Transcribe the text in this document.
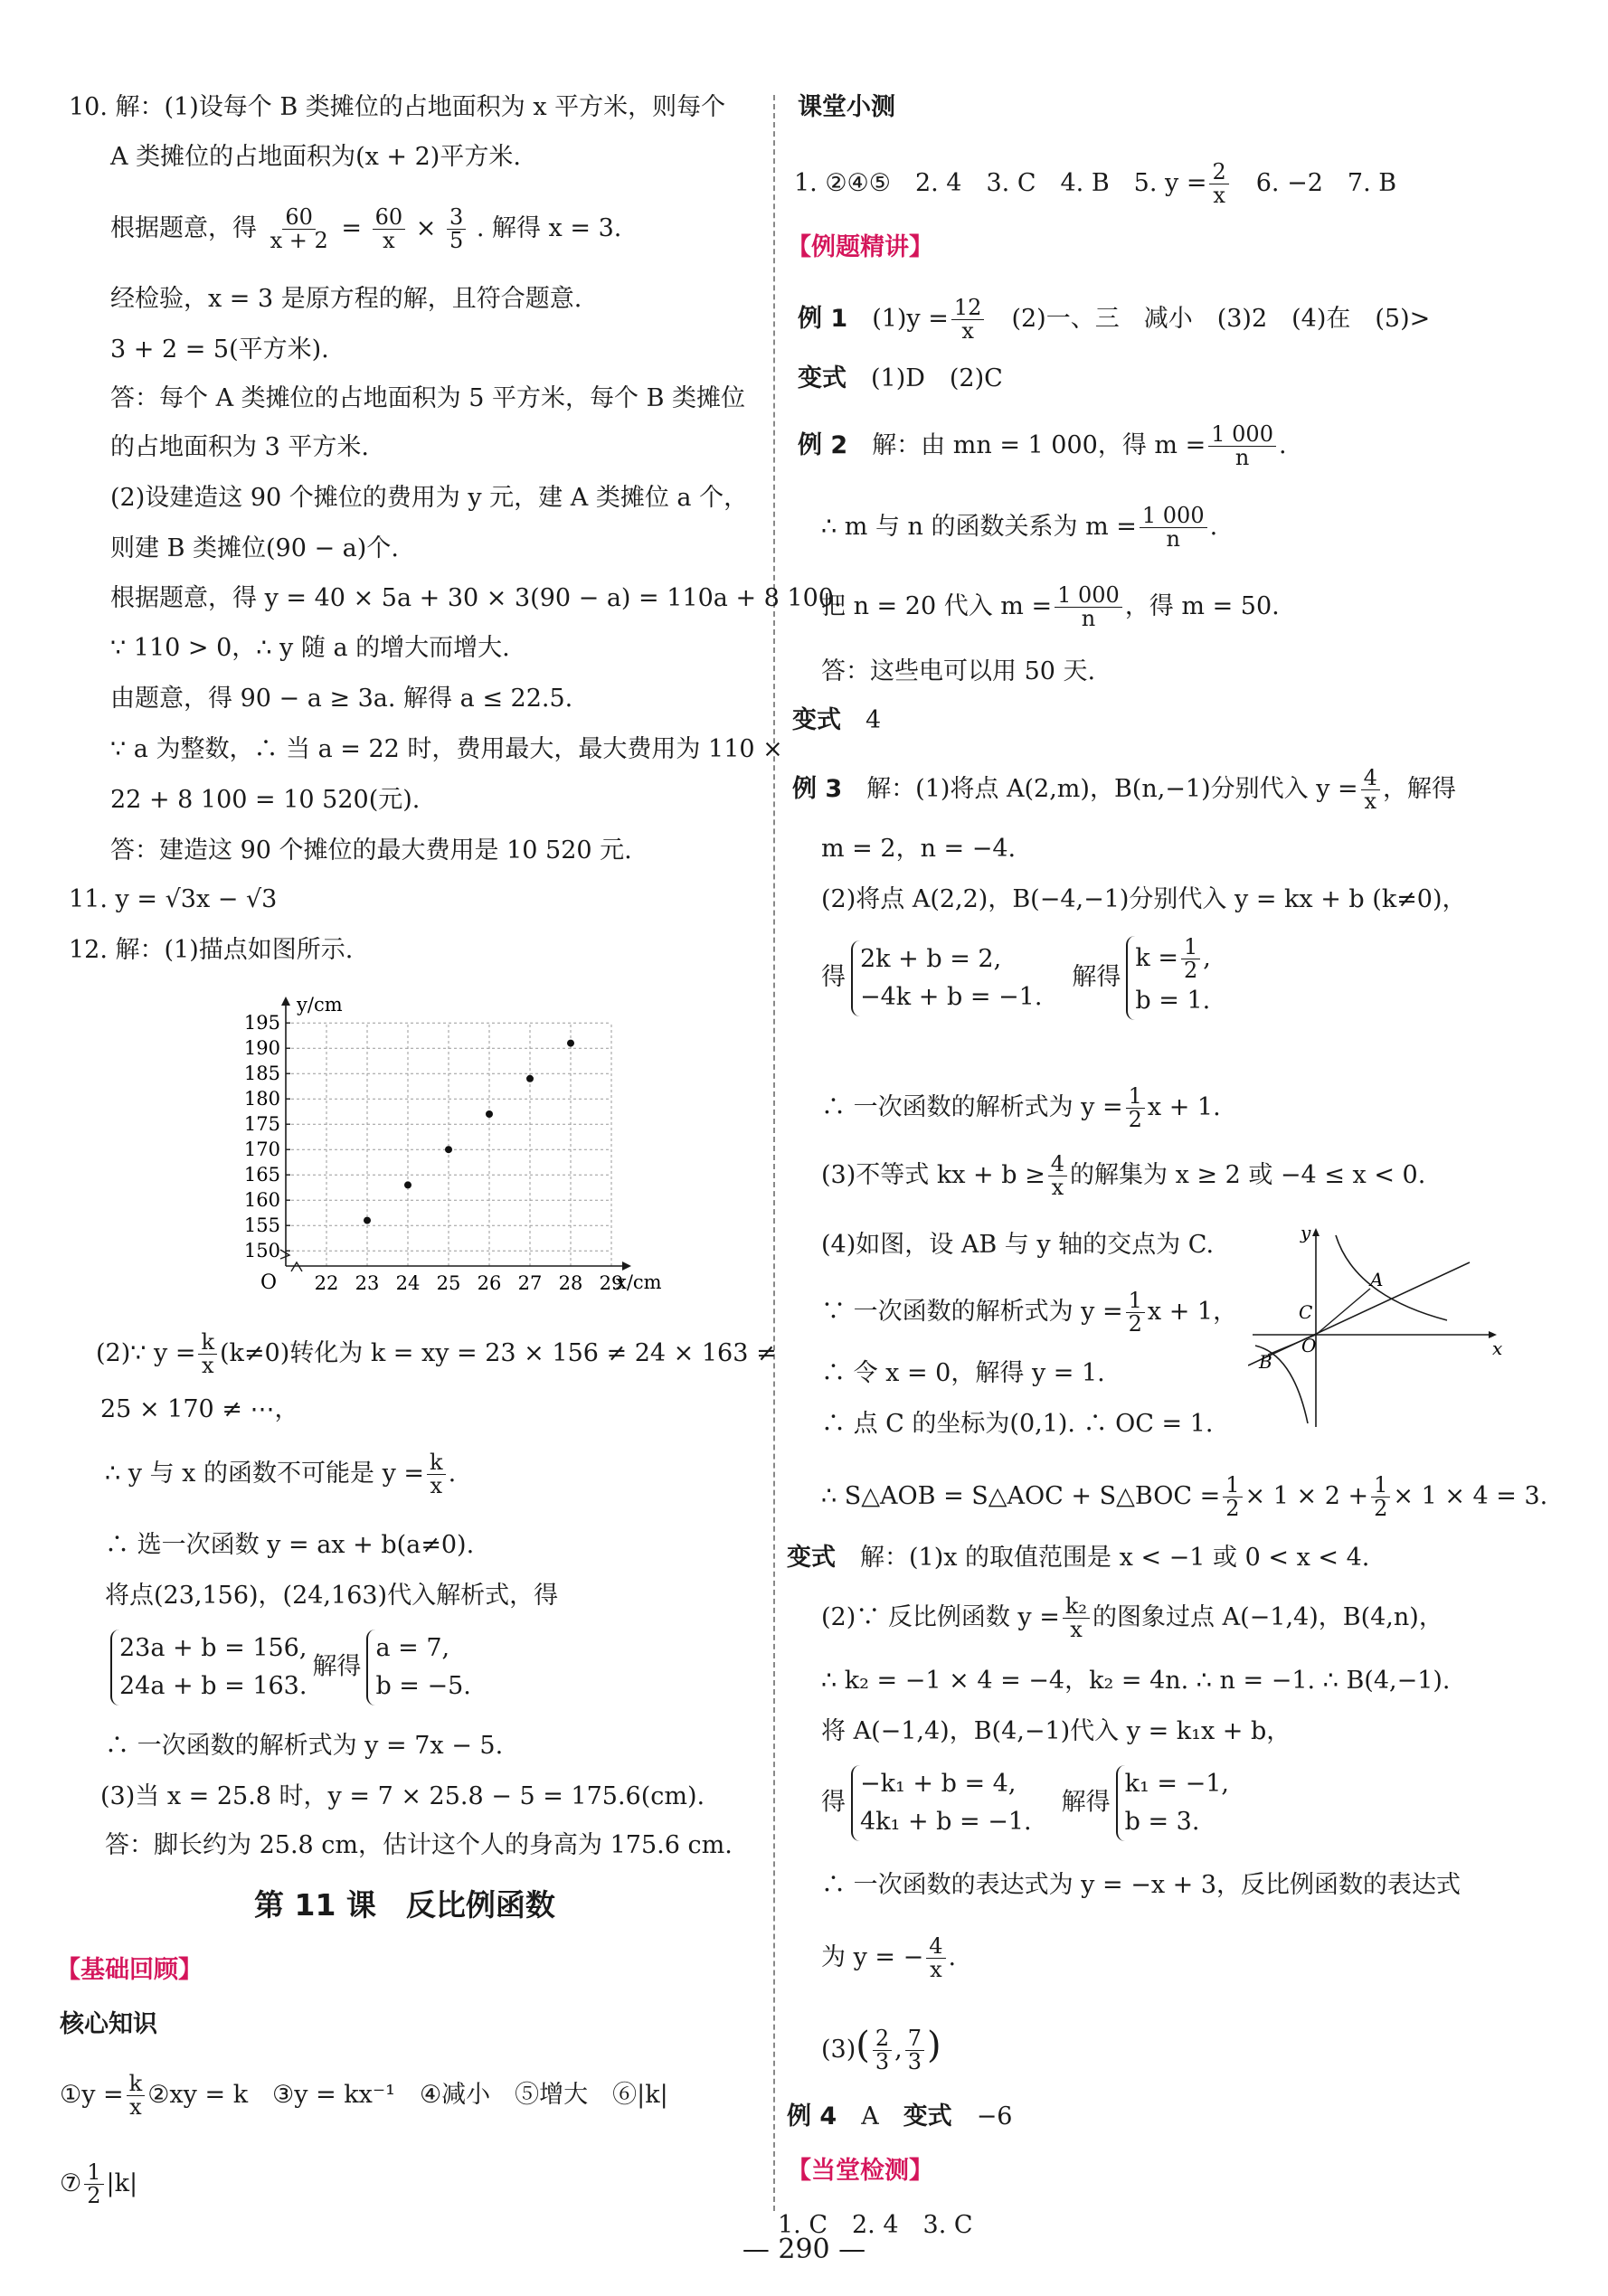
10. 解：(1)设每个 B 类摊位的占地面积为 x 平方米，则每个
A 类摊位的占地面积为(x + 2)平方米.
根据题意，得 $\frac{60}{x + 2} = \frac{60}{x} \times \frac{3}{5}$ . 解得 x = 3.
经检验，x = 3 是原方程的解，且符合题意.
3 + 2 = 5(平方米).
答：每个 A 类摊位的占地面积为 5 平方米，每个 B 类摊位
的占地面积为 3 平方米.
(2)设建造这 90 个摊位的费用为 y 元，建 A 类摊位 a 个，
则建 B 类摊位(90 − a)个.
根据题意，得 y = 40 × 5a + 30 × 3(90 − a) = 110a + 8 100.
∵ 110 > 0，∴ y 随 a 的增大而增大.
由题意，得 90 − a ≥ 3a. 解得 a ≤ 22.5.
∵ a 为整数，∴ 当 a = 22 时，费用最大，最大费用为 110 ×
22 + 8 100 = 10 520(元).
答：建造这 90 个摊位的最大费用是 10 520 元.
11. y = √3x − √3
12. 解：(1)描点如图所示.
22 23 24 25 26 27 28 29
150
155
160
165
170
175
180
185
190
195
y/cm
x/cm
O
(2)∵ $y = \frac{k}{x} (k\ne 0)$转化为 k = xy = 23 × 156 ≠ 24 × 163 ≠
25 × 170 ≠ ⋯，
∴ y 与 x 的函数不可能是 $y = \frac{k}{x}$ .
∴ 选一次函数 y = ax + b(a≠0).
将点(23,156)，(24,163)代入解析式，得
23a + b = 156,
24a + b = 163.解得a = 7,
b = −5.
∴ 一次函数的解析式为 y = 7x − 5.
(3)当 x = 25.8 时，y = 7 × 25.8 − 5 = 175.6(cm).
答：脚长约为 25.8 cm，估计这个人的身高为 175.6 cm.
第 11 课　反比例函数
【基础回顾】
核心知识
①y = $\frac{k}{x}$ ②xy = k　③y = kx⁻¹　④减小　⑤增大　⑥|k|
⑦ $\frac{1}{2} |k|$
课堂小测
1. ②④⑤　2. 4　3. C　4. B　5. $y = \frac{2}{x}$ 　6. −2　7. B
【例题精讲】
例 1　 $(1)y = \frac{12}{x}$ 　(2)一、三　减小　(3)2　(4)在　(5)>
变式　 (1)D　(2)C
例 2　 解：由 mn = 1 000，得 $m = \frac{1 000}{n}$ .
∴ m 与 n 的函数关系为 $m = \frac{1 000}{n}$ .
把 n = 20 代入 $m = \frac{1 000}{n}$ ，得 m = 50.
答：这些电可以用 50 天.
变式　 4
例 3　 解：(1)将点 A(2,m)，B(n,−1)分别代入 $y = \frac{4}{x}$ ，解得
m = 2，n = −4.
(2)将点 A(2,2)，B(−4,−1)分别代入 y = kx + b (k≠0)，
得2k + b = 2,
−4k + b = −1.　解得$k = \frac{1}{2}$ ,
b = 1.
∴ 一次函数的解析式为 $y = \frac{1}{2}$ x + 1.
(3)不等式 kx + $b \ge \frac{4}{x}$ 的解集为 x ≥ 2 或 −4 ≤ x < 0.
(4)如图，设 AB 与 y 轴的交点为 C.
∵ 一次函数的解析式为 $y = \frac{1}{2}$ x + 1，
∴ 令 x = 0，解得 y = 1.
∴ 点 C 的坐标为(0,1). ∴ OC = 1.
∴ S△AOB = S△AOC + S△BOC = $\frac{1}{2} \times 1 \times 2 + \frac{1}{2} \times 1 \times 4 = 3$.
y
x
A
B
C
O
变式　 解：(1)x 的取值范围是 x < −1 或 0 < x < 4.
(2)∵ 反比例函数 $y = \frac{\text{k₂}}{x}$ 的图象过点 A(−1,4)，B(4,n)，
∴ k₂ = −1 × 4 = −4，k₂ = 4n. ∴ n = −1. ∴ B(4,−1).
将 A(−1,4)，B(4,−1)代入 y = k₁x + b，
得−k₁ + b = 4,
4k₁ + b = −1.　解得k₁ = −1,
b = 3.
∴ 一次函数的表达式为 y = −x + 3，反比例函数的表达式
为 y = − $\frac{4}{x}$ .
$(3)( \frac{2}{3}$ , $\frac{7}{3}$ )
例 4　 A　 变式　 −6
【当堂检测】
1. C　2. 4　3. C
— 290 —
